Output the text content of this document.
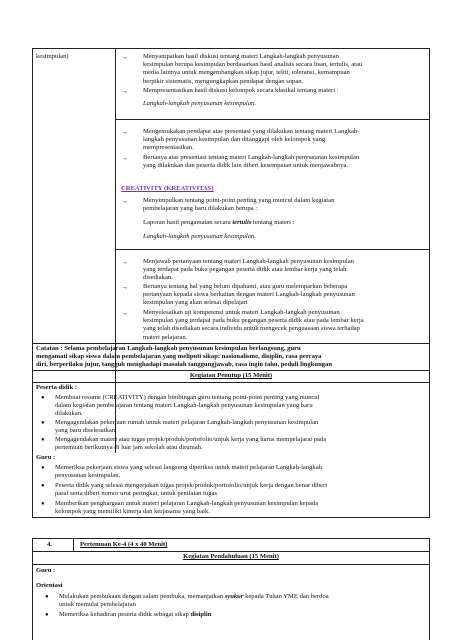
kesimpulan)	→ Menyampaikan hasil diskusi tentang materi Langkah-langkah penyusunan
kesimpulan berupa kesimpulan berdasarkan hasil analisis secara lisan, tertulis, atau
media lainnya untuk mengembangkan sikap jujur, teliti, toleransi, kemampuan
berpikir sistematis, mengungkapkan pendapat dengan sopan.
→ Mempresentasikan hasil diskusi kelompok secara klasikal tentang materi :
Langkah-langkah penyusunan kesimpulan.
→ Mengemukakan pendapat atas presentasi yang dilakukan tentang materi Langkah-
langkah penyusunan kesimpulan dan ditanggapi oleh kelompok yang
mempresentasikan.
→ Bertanya atas presentasi tentang materi Langkah-langkah penyusunan kesimpulan
yang dilakukan dan peserta didik lain diberi kesempatan untuk menjawabnya.
CREATIVITY (KREATIVITAS)
→ Menyimpulkan tentang point-point penting yang muncul dalam kegiatan
pembelajaran yang baru dilakukan berupa :
Laporan hasil pengamatan secara tertulis tentang materi :
Langkah-langkah penyusunan kesimpulan.
→ Menjawab pertanyaan tentang materi Langkah-langkah penyusunan kesimpulan
yang terdapat pada buku pegangan peserta didik atau lembar kerja yang telah
disediakan.
→ Bertanya tentang hal yang belum dipahami, atau guru melemparkan beberapa
pertanyaan kepada siswa berkaitan dengan materi Langkah-langkah penyusunan
kesimpulan yang akan selesai dipelajari
→ Menyelesaikan uji kompetensi untuk materi Langkah-langkah penyusunan
kesimpulan yang terdapat pada buku pegangan peserta didik atau pada lembar kerja
yang telah disediakan secara individu untuk mengecek penguasaan siswa terhadap
materi pelajaran.
Catatan : Selama pembelajaran Langkah-langkah penyusunan kesimpulan berlangsung, guru
mengamati sikap siswa dalam pembelajaran yang meliputi sikap: nasionalisme, disiplin, rasa percaya
diri, berperilaku jujur, tangguh menghadapi masalah tanggungjawab, rasa ingin tahu, peduli lingkungan
Kegiatan Penutup (15 Menit)
Peserta didik :
● Membuat resume (CREATIVITY) dengan bimbingan guru tentang point-point penting yang muncul
dalam kegiatan pembelajaran tentang materi Langkah-langkah penyusunan kesimpulan yang baru
dilakukan.
● Mengagendakan pekerjaan rumah untuk materi pelajaran Langkah-langkah penyusunan kesimpulan
yang baru diselesaikan.
● Mengagendakan materi atau tugas projek/produk/portofolio/unjuk kerja yang harus mempelajarai pada
pertemuan berikutnya di luar jam sekolah atau dirumah.
Guru :
● Memeriksa pekerjaan siswa yang selesai langsung diperiksa untuk materi pelajaran Langkah-langkah
penyusunan kesimpulan.
● Peserta didik yang selesai mengerjakan tugas projek/produk/portofolio/unjuk kerja dengan benar diberi
paraf serta diberi nomor urut peringkat, untuk penilaian tugas
● Memberikan penghargaan untuk materi pelajaran Langkah-langkah penyusunan kesimpulan kepada
kelompok yang memiliki kinerja dan kerjasama yang baik.
4.	Pertemuan Ke-4 (4 x 40 Menit)
Kegiatan Pendahuluan (15 Menit)
Guru :
Orientasi
● Melakukan pembukaan dengan salam pembuka, memanjatkan syukur kepada Tuhan YME dan berdoa
untuk memulai pembelajaran
● Memeriksa kehadiran peserta didik sebagai sikap disiplin
